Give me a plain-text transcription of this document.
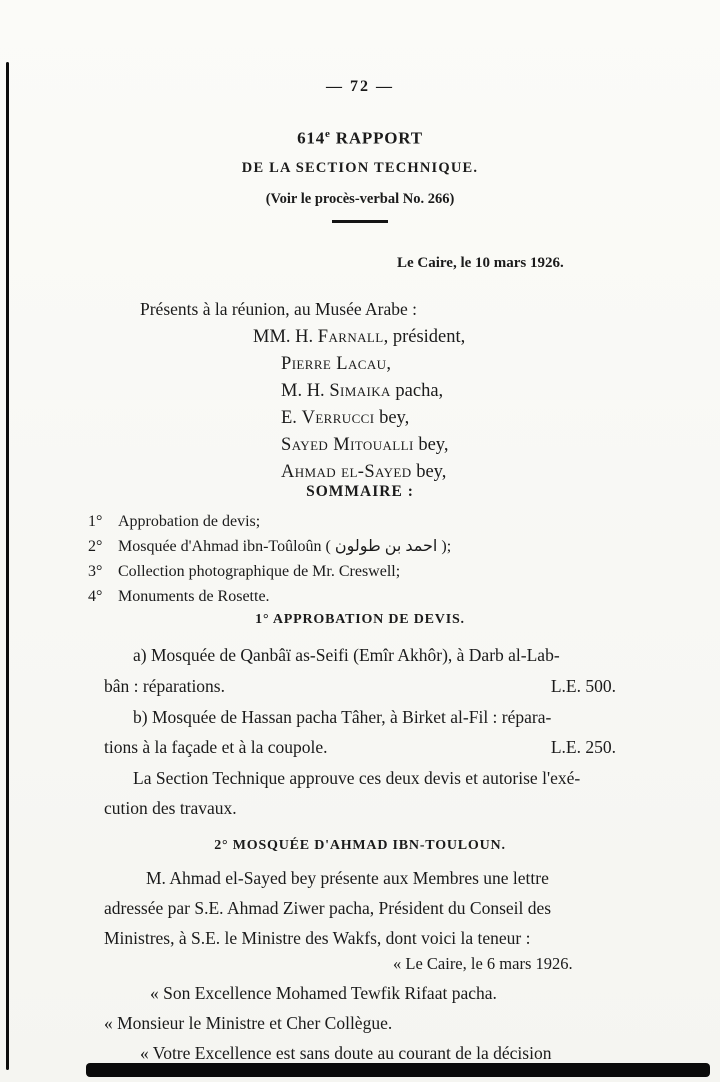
— 72 —
614e RAPPORT
DE LA SECTION TECHNIQUE.
(Voir le procès-verbal No. 266)
Le Caire, le 10 mars 1926.
Présents à la réunion, au Musée Arabe :
MM. H. Farnall, président,
Pierre Lacau,
M. H. Simaika pacha,
E. Verrucci bey,
Sayed Mitoualli bey,
Ahmad el-Sayed bey,
SOMMAIRE :
1° Approbation de devis;
2° Mosquée d'Ahmad ibn-Toûloûn ( احمد بن طولون );
3° Collection photographique de Mr. Creswell;
4° Monuments de Rosette.
1° APPROBATION DE DEVIS.
a) Mosquée de Qanbâï as-Seifi (Emîr Akhôr), à Darb al-Lab-
bân : réparations.	L.E. 500.
b) Mosquée de Hassan pacha Tâher, à Birket al-Fil : répara-
tions à la façade et à la coupole.	L.E. 250.
La Section Technique approuve ces deux devis et autorise l'exé-
cution des travaux.
2° MOSQUÉE D'AHMAD IBN-TOULOUN.
M. Ahmad el-Sayed bey présente aux Membres une lettre
adressée par S.E. Ahmad Ziwer pacha, Président du Conseil des
Ministres, à S.E. le Ministre des Wakfs, dont voici la teneur :
« Le Caire, le 6 mars 1926.
« Son Excellence Mohamed Tewfik Rifaat pacha.
« Monsieur le Ministre et Cher Collègue.
« Votre Excellence est sans doute au courant de la décision
